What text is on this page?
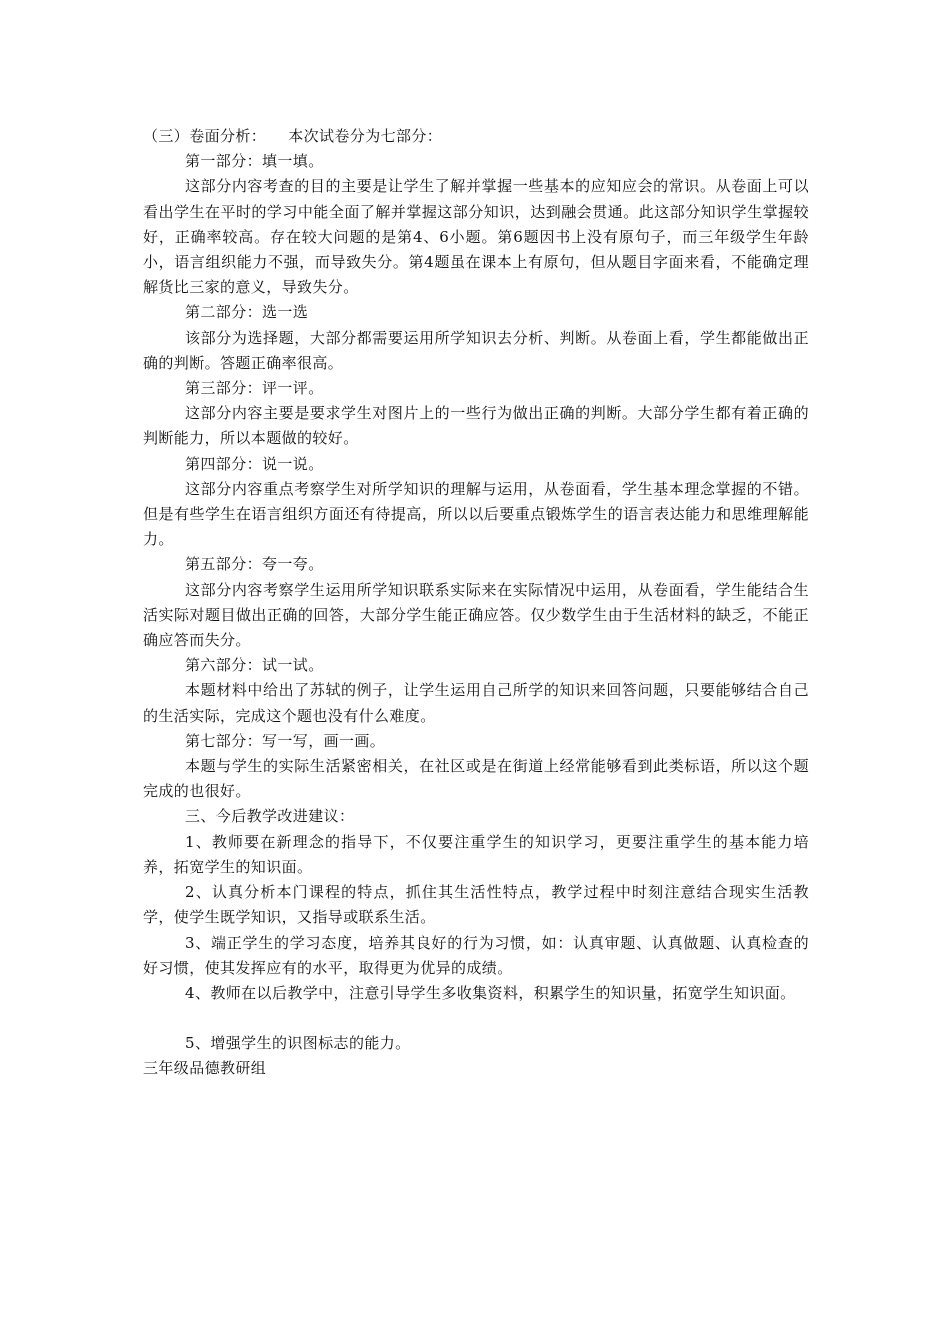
（三）卷面分析： 本次试卷分为七部分：

第一部分：填一填。

这部分内容考查的目的主要是让学生了解并掌握一些基本的应知应会的常识。从卷面上可以看出学生在平时的学习中能全面了解并掌握这部分知识，达到融会贯通。此这部分知识学生掌握较好，正确率较高。存在较大问题的是第4、6小题。第6题因书上没有原句子，而三年级学生年龄小，语言组织能力不强，而导致失分。第4题虽在课本上有原句，但从题目字面来看，不能确定理解货比三家的意义，导致失分。

第二部分：选一选

该部分为选择题，大部分都需要运用所学知识去分析、判断。从卷面上看，学生都能做出正确的判断。答题正确率很高。

第三部分：评一评。

这部分内容主要是要求学生对图片上的一些行为做出正确的判断。大部分学生都有着正确的判断能力，所以本题做的较好。

第四部分：说一说。

这部分内容重点考察学生对所学知识的理解与运用，从卷面看，学生基本理念掌握的不错。但是有些学生在语言组织方面还有待提高，所以以后要重点锻炼学生的语言表达能力和思维理解能力。

第五部分：夸一夸。

这部分内容考察学生运用所学知识联系实际来在实际情况中运用，从卷面看，学生能结合生活实际对题目做出正确的回答，大部分学生能正确应答。仅少数学生由于生活材料的缺乏，不能正确应答而失分。

第六部分：试一试。

本题材料中给出了苏轼的例子，让学生运用自己所学的知识来回答问题，只要能够结合自己的生活实际，完成这个题也没有什么难度。

第七部分：写一写，画一画。

本题与学生的实际生活紧密相关，在社区或是在街道上经常能够看到此类标语，所以这个题完成的也很好。

三、今后教学改进建议：

1、教师要在新理念的指导下，不仅要注重学生的知识学习，更要注重学生的基本能力培养，拓宽学生的知识面。

2、认真分析本门课程的特点，抓住其生活性特点，教学过程中时刻注意结合现实生活教学，使学生既学知识，又指导或联系生活。

3、端正学生的学习态度，培养其良好的行为习惯，如：认真审题、认真做题、认真检查的好习惯，使其发挥应有的水平，取得更为优异的成绩。

4、教师在以后教学中，注意引导学生多收集资料，积累学生的知识量，拓宽学生知识面。

5、增强学生的识图标志的能力。

三年级品德教研组
